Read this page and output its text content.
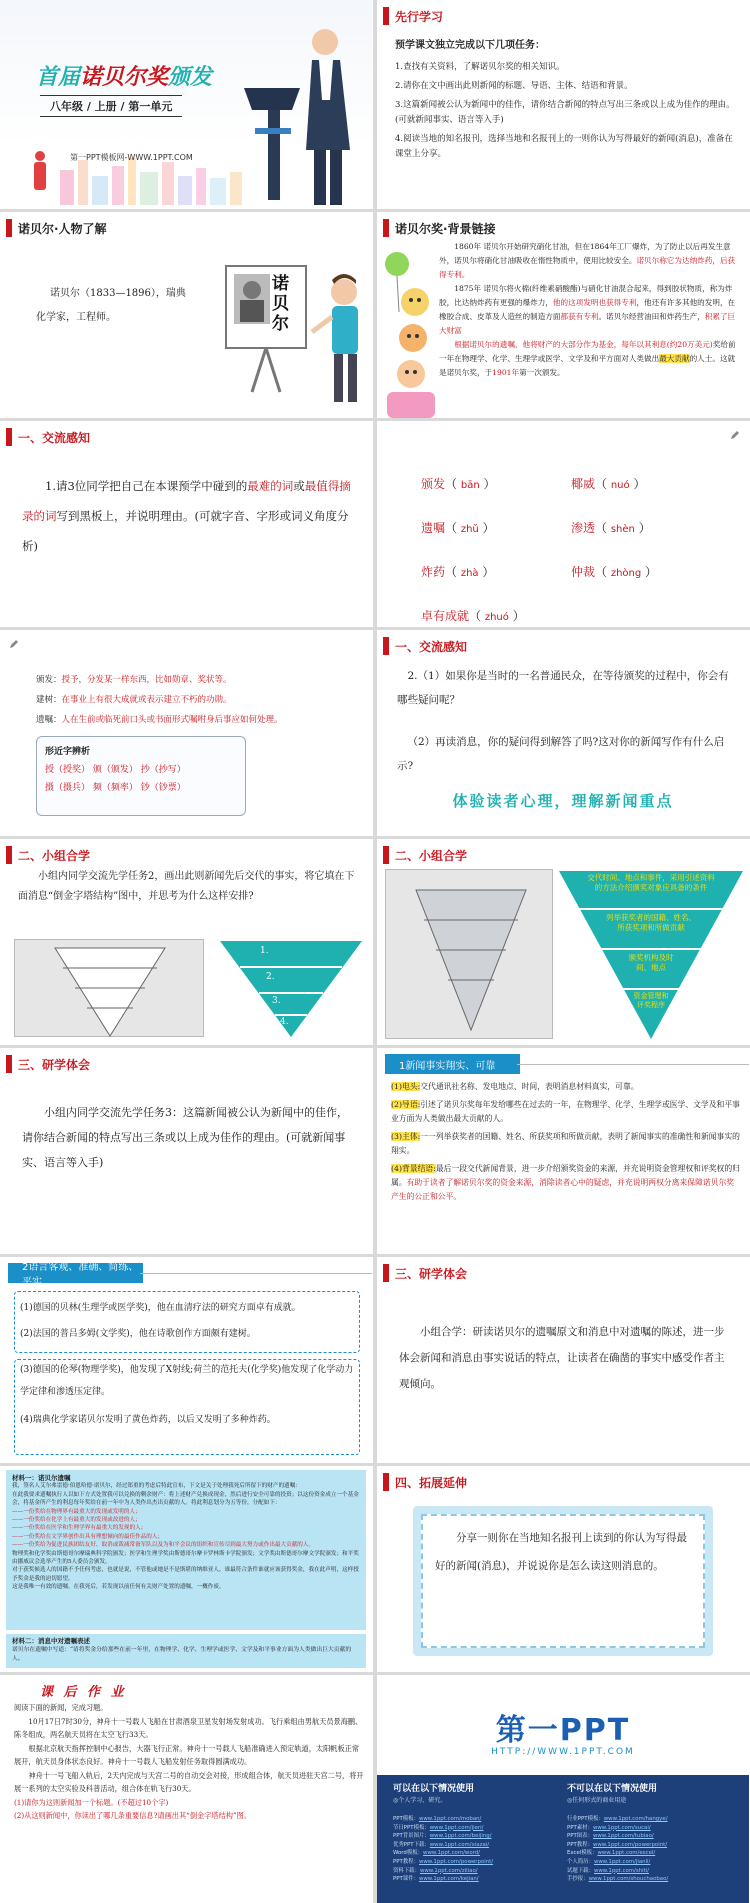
首届诺贝尔奖颁发
八年级 / 上册 / 第一单元
第一PPT模板网-WWW.1PPT.COM
先行学习
预学课文独立完成以下几项任务：
1.查找有关资料，了解诺贝尔奖的相关知识。
2.请你在文中画出此则新闻的标题、导语、主体、结语和背景。
3.这篇新闻被公认为新闻中的佳作，请你结合新闻的特点写出三条或以上成为佳作的理由。(可就新闻事实、语言等入手)
4.阅读当地的知名报刊，选择当地和名报刊上的一则你认为写得最好的新闻(消息)，准备在课堂上分享。
诺贝尔·人物了解
诺贝尔（1833—1896），瑞典
化学家，工程师。
诺贝尔
诺贝尔奖·背景链接
1860年 诺贝尔开始研究硝化甘油，但在1864年工厂爆炸，为了防止以后再发生意外，诺贝尔将硝化甘油吸收在惰性物质中，使用比较安全。诺贝尔称它为达纳炸药，后获得专利。
1875年 诺贝尔将火棉(纤维素硝酸酯)与硝化甘油混合起来，得到胶状物质，称为炸胶，比达纳炸药有更强的爆炸力，他的这项发明也获得专利，他还有许多其他的发明，在橡胶合成、皮革及人造丝的制造方面都获有专利。诺贝尔经营油田和炸药生产，积累了巨大财富
根据诺贝尔的遗嘱，他将财产的大部分作为基金，每年以其利息(约20万美元)奖给前一年在物理学、化学、生理学或医学、文学及和平方面对人类做出最大贡献的人士。这就是诺贝尔奖，于1901年第一次颁发。
一、交流感知
1.请3位同学把自己在本课预学中碰到的最难的词或最值得摘录的词写到黑板上，并说明理由。(可就字音、字形或词义角度分析)
颁发（ bān ）	椰威（ nuó ）
遗嘱（ zhǔ ）	渗透（ shèn ）
炸药（ zhà ）	仲裁（ zhòng ）
卓有成就（ zhuó ）
颁发：授予，分发某一样东西，比如勋章、奖状等。
建树：在事业上有很大成就或表示建立不朽的功勋。
遗嘱：人在生前或临死前口头或书面形式嘱咐身后事应如何处理。
形近字辨析
授（授奖） 颁（颁发） 抄（抄写）
摄（摄兵） 频（频率） 钞（钞票）
一、交流感知
2.（1）如果你是当时的一名普通民众，在等待颁奖的过程中，你会有哪些疑问呢？
（2）再读消息，你的疑问得到解答了吗?这对你的新闻写作有什么启示?
体验读者心理，理解新闻重点
二、小组合学
小组内同学交流先学任务2，画出此则新闻先后交代的事实，将它填在下面消息“倒金字塔结构”图中，并思考为什么这样安排?
1.
2.
3.
4.
二、小组合学
交代时间、地点和事件，采用引述资料的方法介绍颁奖对象应具备的条件
列举获奖者的国籍、姓名、所获奖项和所做贡献
颁奖机构及时间、地点
资金管理和评奖程序
三、研学体会
小组内同学交流先学任务3：这篇新闻被公认为新闻中的佳作，请你结合新闻的特点写出三条或以上成为佳作的理由。(可就新闻事实、语言等入手)
1新闻事实翔实、可靠
(1)电头:交代通讯社名称、发电地点、时间，表明消息材料真实，可靠。
(2)导语:引述了诺贝尔奖每年发给哪些在过去的一年，在物理学、化学、生理学或医学、文学及和平事业方面为人类做出最大贡献的人。
(3)主体:一一列举获奖者的国籍、姓名、所获奖项和所做贡献，表明了新闻事实的准确性和新闻事实的翔实。
(4)背景结语:最后一段交代新闻背景，进一步介绍颁奖资金的来源，并充说明资金管理权和评奖权的归属。有助于读者了解诺贝尔奖的资金来源，消除读者心中的疑虑，并充说明两权分离来保障诺贝尔奖产生的公正和公平。
2语言客观、准确、简练、平实
(1)德国的贝林(生理学或医学奖)，他在血清疗法的研究方面卓有成就。
(2)法国的普吕多姆(文学奖)，他在诗歌创作方面颇有建树。
(3)德国的伦琴(物理学奖)，他发现了X射线;荷兰的范托夫(化学奖)他发现了化学动力学定律和渗透压定律。
(4)瑞典化学家诺贝尔发明了黄色炸药，以后又发明了多种炸药。
三、研学体会
小组合学：研读诺贝尔的遗嘱原文和消息中对遗嘱的陈述，进一步体会新闻和消息由事实说话的特点，让读者在确凿的事实中感受作者主观倾向。
材料一：诺贝尔遗嘱
我，签名人艾尔弗雷德·伯恩哈德·诺贝尔，经过郑重的考虑后特此宣布，下文是关于处理我死后所留下的财产的遗嘱：
在此我要求遗嘱执行人以如下方式处置我可以兑换的剩余财产：将上述财产兑换成现金，然后进行安全可靠的投资；以这份资金成立一个基金会，将基金所产生的利息每年奖给在前一年中为人类作出杰出贡献的人。将此利息划分为五等份，分配如下：
——一份奖给在物理界有最重大的发现或发明的人；
——一份奖给在化学上有最重大的发现或改进的人；
——一份奖给在医学和生理学界有最重大的发现的人；
——一份奖给在文学界创作出具有理想倾向的最佳作品的人；
——一份奖给为促进民族团结友好、取消或裁减常备军队以及为和平会议的组织和宣传尽到最大努力或作出最大贡献的人。
物理奖和化学奖由斯德哥尔摩瑞典科学院颁发；医学和生理学奖由斯德哥尔摩卡罗林斯卡学院颁发；文学奖由斯德哥尔摩文学院颁发；和平奖由挪威议会选举产生的5人委员会颁发。
对于获奖候选人的国籍不予任何考虑，也就是说，不管他或她是不是斯堪的纳维亚人，谁最符合条件谁就应该获得奖金，我在此声明，这样授予奖金是我的迫切愿望。
这是我唯一有效的遗嘱。在我死后，若发现以前任何有关财产处置的遗嘱，一概作废。
材料二：消息中对遗嘱表述
诺贝尔在遗嘱中写道：“请将奖金分给那些在前一年里，在物理学、化学、生理学或医学、文学及和平事业方面为人类做出巨大贡献的人。
四、拓展延伸
分享一则你在当地知名报刊上读到的你认为写得最好的新闻(消息)，并说说你是怎么读这则消息的。
课 后 作 业
阅读下面的新闻，完成习题。
10月17日7时30分，神舟十一号载人飞船在甘肃酒泉卫星发射场发射成功。飞行乘组由男航天员景海鹏、陈冬组成，两名航天员将在太空飞行33天。
根据北京航天指挥控制中心报告，大器飞行正常。神舟十一号载人飞船准确进入预定轨道，太阳帆板正常展开，航天员身体状态良好。神舟十一号载人飞船发射任务取得圆满成功。
神舟十一号飞船入轨后，2天内完成与天宫二号的自动交会对接，形成组合体，航天员进驻天宫二号，将开展一系列的太空实验及科普活动，组合体在轨飞行30天。
(1)请你为这则新闻加一个标题。(不超过10个字)
(2)从这则新闻中，你读出了哪几条重要信息?请画出其“倒金字塔结构”图。
第一PPT
HTTP://WWW.1PPT.COM
可以在以下情况使用
◎个人学习、研究。
不可以在以下情况使用
◎任何形式的商业用途
PPT模板：www.1ppt.com/moban/
节日PPT模板：www.1ppt.com/jieri/
PPT背景图片：www.1ppt.com/beijing/
优秀PPT下载：www.1ppt.com/xiazai/
Word模板：www.1ppt.com/word/
PPT教程：www.1ppt.com/powerpoint/
资料下载：www.1ppt.com/ziliao/
PPT课件：www.1ppt.com/kejian/
行业PPT模板：www.1ppt.com/hangye/
PPT素材：www.1ppt.com/sucai/
PPT图表：www.1ppt.com/tubiao/
PPT教程：www.1ppt.com/powerpoint/
Excel模板：www.1ppt.com/excel/
个人简历：www.1ppt.com/jianli/
试题下载：www.1ppt.com/shiti/
手抄报：www.1ppt.com/shouchaobao/
